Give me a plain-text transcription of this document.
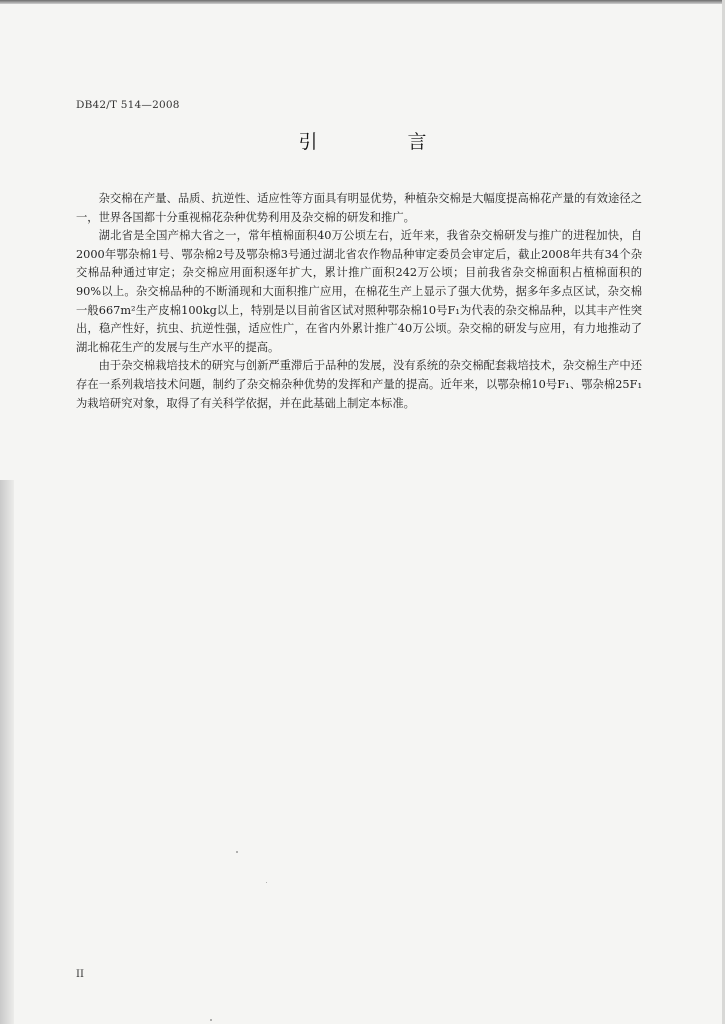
DB42/T 514—2008
引 言

杂交棉在产量、品质、抗逆性、适应性等方面具有明显优势，种植杂交棉是大幅度提高棉花产量的有效途径之一，世界各国都十分重视棉花杂种优势利用及杂交棉的研发和推广。

湖北省是全国产棉大省之一，常年植棉面积40万公顷左右，近年来，我省杂交棉研发与推广的进程加快，自2000年鄂杂棉1号、鄂杂棉2号及鄂杂棉3号通过湖北省农作物品种审定委员会审定后，截止2008年共有34个杂交棉品种通过审定；杂交棉应用面积逐年扩大，累计推广面积242万公顷；目前我省杂交棉面积占植棉面积的90%以上。杂交棉品种的不断涌现和大面积推广应用，在棉花生产上显示了强大优势，据多年多点区试，杂交棉一般667m²生产皮棉100kg以上，特别是以目前省区试对照种鄂杂棉10号F₁为代表的杂交棉品种，以其丰产性突出，稳产性好，抗虫、抗逆性强，适应性广，在省内外累计推广40万公顷。杂交棉的研发与应用，有力地推动了湖北棉花生产的发展与生产水平的提高。

由于杂交棉栽培技术的研究与创新严重滞后于品种的发展，没有系统的杂交棉配套栽培技术，杂交棉生产中还存在一系列栽培技术问题，制约了杂交棉杂种优势的发挥和产量的提高。近年来，以鄂杂棉10号F₁、鄂杂棉25F₁为栽培研究对象，取得了有关科学依据，并在此基础上制定本标准。

II
